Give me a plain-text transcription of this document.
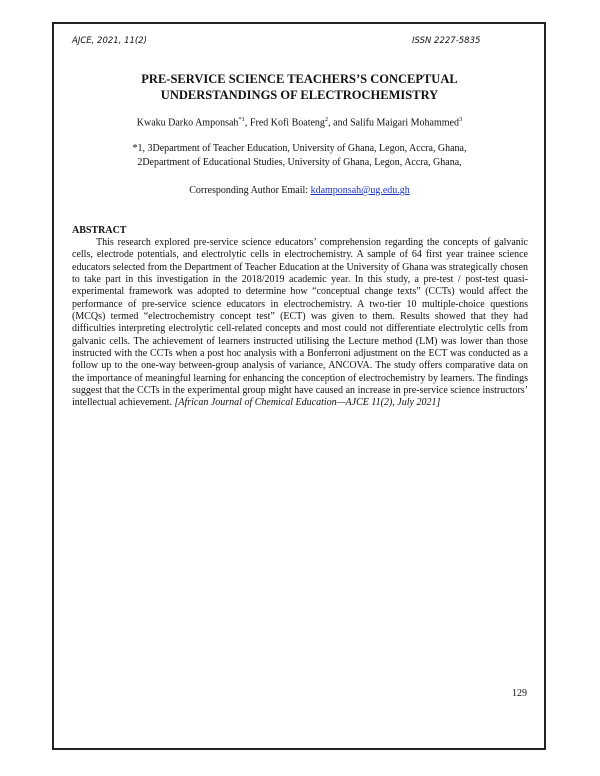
AJCE, 2021, 11(2)	ISSN 2227-5835
PRE-SERVICE SCIENCE TEACHERS’S CONCEPTUAL
UNDERSTANDINGS OF ELECTROCHEMISTRY
Kwaku Darko Amponsah$^{*1}$, Fred Kofi Boateng$^2$, and Salifu Maigari Mohammed$^3$
*1, 3Department of Teacher Education, University of Ghana, Legon, Accra, Ghana,
2Department of Educational Studies, University of Ghana, Legon, Accra, Ghana,
Corresponding Author Email: kdamponsah@ug.edu.gh
ABSTRACT

This research explored pre-service science educators’ comprehension regarding the concepts of galvanic cells, electrode potentials, and electrolytic cells in electrochemistry. A sample of 64 first year trainee science educators selected from the Department of Teacher Education at the University of Ghana was strategically chosen to take part in this investigation in the 2018/2019 academic year. In this study, a pre-test / post-test quasi-experimental framework was adopted to determine how “conceptual change texts” (CCTs) would affect the performance of pre-service science educators in electrochemistry. A two-tier 10 multiple-choice questions (MCQs) termed “electrochemistry concept test” (ECT) was given to them. Results showed that they had difficulties interpreting electrolytic cell-related concepts and most could not differentiate electrolytic cells from galvanic cells. The achievement of learners instructed utilising the Lecture method (LM) was lower than those instructed with the CCTs when a post hoc analysis with a Bonferroni adjustment on the ECT was conducted as a follow up to the one-way between-group analysis of variance, ANCOVA. The study offers comparative data on the importance of meaningful learning for enhancing the conception of electrochemistry by learners. The findings suggest that the CCTs in the experimental group might have caused an increase in pre-service science instructors’ intellectual achievement. [African Journal of Chemical Education—AJCE 11(2), July 2021]

129
